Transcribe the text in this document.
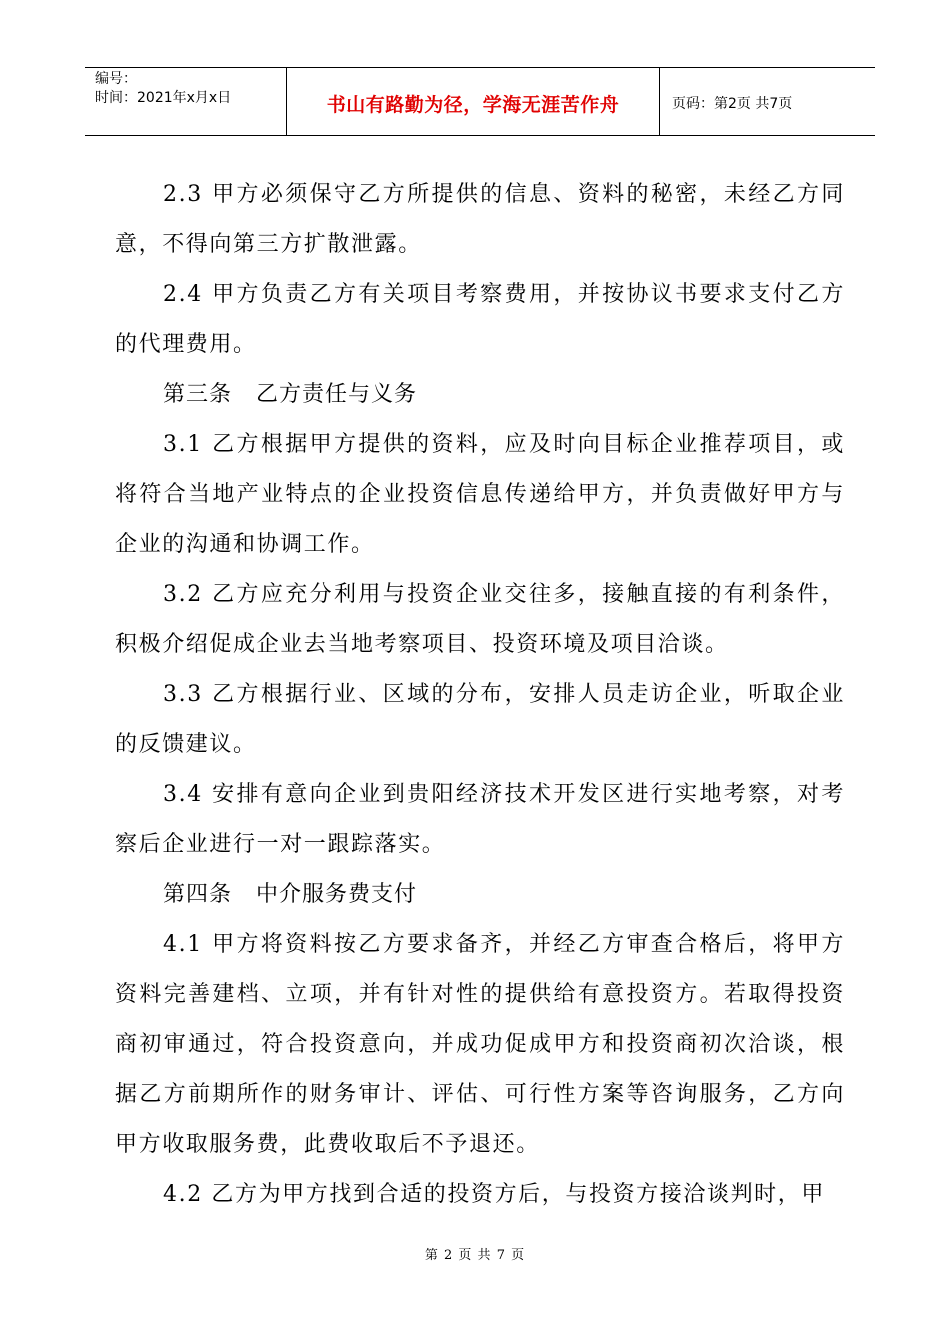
编号：
时间：2021年x月x日	书山有路勤为径，学海无涯苦作舟	页码：第2页 共7页

2.3 甲方必须保守乙方所提供的信息、资料的秘密，未经乙方同意，不得向第三方扩散泄露。

2.4 甲方负责乙方有关项目考察费用，并按协议书要求支付乙方的代理费用。

第三条   乙方责任与义务

3.1 乙方根据甲方提供的资料，应及时向目标企业推荐项目，或将符合当地产业特点的企业投资信息传递给甲方，并负责做好甲方与企业的沟通和协调工作。

3.2 乙方应充分利用与投资企业交往多，接触直接的有利条件，积极介绍促成企业去当地考察项目、投资环境及项目洽谈。

3.3 乙方根据行业、区域的分布，安排人员走访企业，听取企业的反馈建议。

3.4 安排有意向企业到贵阳经济技术开发区进行实地考察，对考察后企业进行一对一跟踪落实。

第四条   中介服务费支付

4.1 甲方将资料按乙方要求备齐，并经乙方审查合格后，将甲方资料完善建档、立项，并有针对性的提供给有意投资方。若取得投资商初审通过，符合投资意向，并成功促成甲方和投资商初次洽谈，根据乙方前期所作的财务审计、评估、可行性方案等咨询服务，乙方向甲方收取服务费，此费收取后不予退还。

4.2 乙方为甲方找到合适的投资方后，与投资方接洽谈判时，甲

第 2 页 共 7 页
